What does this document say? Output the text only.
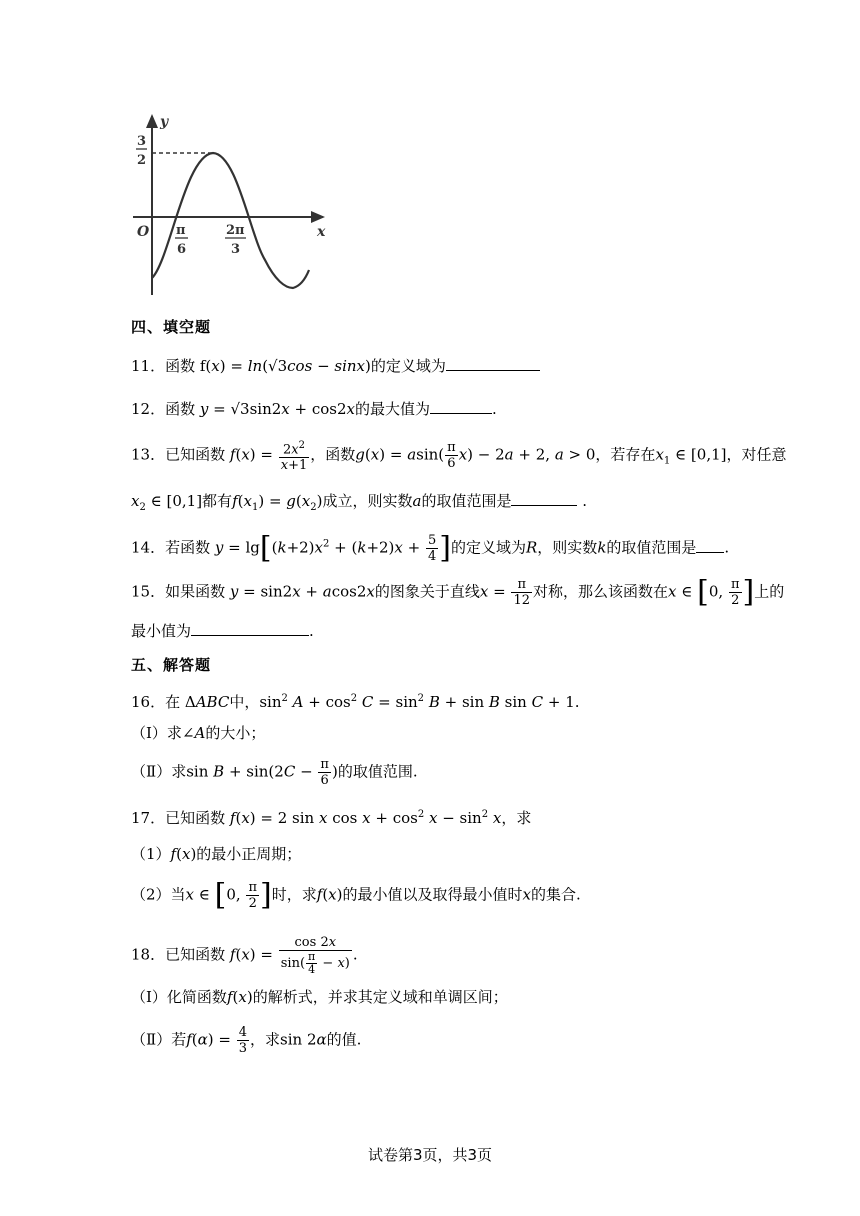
y
x
O
3
2
π
6
2π
3
四、填空题
11．函数 f(x) = ln(√3cos − sinx)的定义域为
12．函数 y = √3sin2x + cos2x的最大值为	.
13．已知函数 $f(x) = \frac{2x^2}{x+1}$ ，函数$g(x) = asin( \frac{\pi}{6} x) - 2a + 2$, a > 0，若存在$x_1$ ∈ [0,1]，对任意
$x_2$ ∈ [0,1]都有$f(x_1) = g(x_2)$成立，则实数a的取值范围是	.
14．若函数 $y = \lg[(k+2)x^2 + (k+2)x + \frac{5}{4}$ ]的定义域为R，则实数k的取值范围是 .
15．如果函数 y = sin2x + acos2x的图象关于直线$x = \frac{\pi}{12}$ 对称，那么该函数在x ∈ [0, $\frac{\pi}{2}$ ]上的
最小值为	.
五、解答题
16．在 ΔABC中，$\sin^2 A + \cos^2 C = \sin^2 B + \sin B$ sin C + 1.
（Ⅰ）求∠A的大小；
（Ⅱ）求$\sin B + \sin(2C - \frac{\pi}{6}$ )的取值范围.
17．已知函数 f(x) = 2 sin x $\cos x + \cos^2 x - \sin^2 x$，求
（1）f(x)的最小正周期；
（2）当x ∈ [0, $\frac{\pi}{2}$ ]时，求f(x)的最小值以及取得最小值时x的集合.
18．已知函数 $f(x) = \frac{\cos 2x}{\sin( \frac{\pi}{4} - x)}$ .
（Ⅰ）化简函数f(x)的解析式，并求其定义域和单调区间；
（Ⅱ）若$f(\alpha) = \frac{4}{3}$ ，求sin 2α的值.
试卷第3页，共3页
